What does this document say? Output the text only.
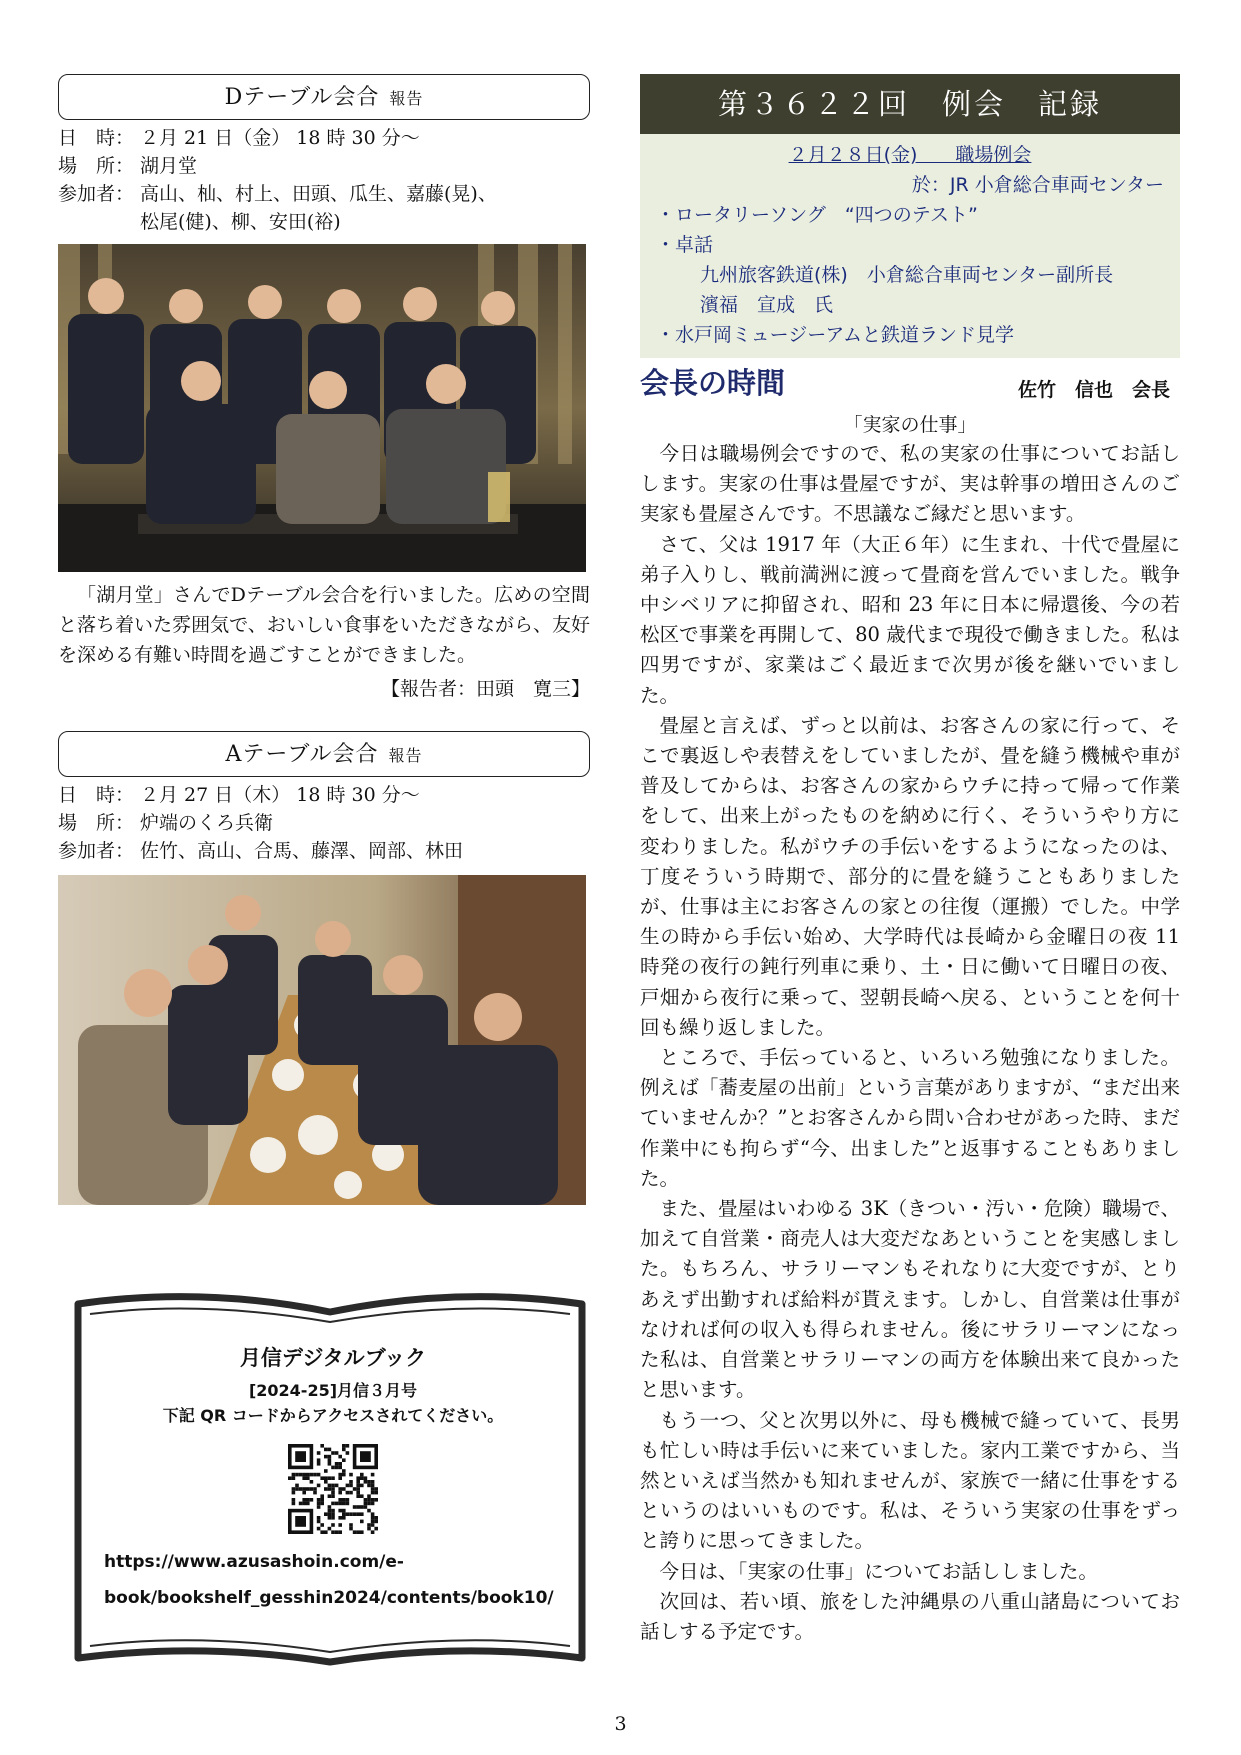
Dテーブル会合 報告
日　時： ２月 21 日（金） 18 時 30 分～
場　所： 湖月堂
参加者： 高山、杣、村上、田頭、瓜生、嘉藤(晃)、
松尾(健)、柳、安田(裕)

「湖月堂」さんでDテーブル会合を行いました。広めの空間と落ち着いた雰囲気で、おいしい食事をいただきながら、友好を深める有難い時間を過ごすことができました。

【報告者：田頭　寛三】
Aテーブル会合 報告
日　時： ２月 27 日（木） 18 時 30 分～
場　所： 炉端のくろ兵衛
参加者： 佐竹、高山、合馬、藤澤、岡部、林田
月信デジタルブック
[2024-25]月信３月号
下記 QR コードからアクセスされてください。
https://www.azusashoin.com/e-
book/bookshelf_gesshin2024/contents/book10/
第３６２２回　例会　記録
２月２８日(金)　　職場例会
於：JR 小倉総合車両センター
・ロータリーソング　“四つのテスト”
・卓話
九州旅客鉄道(株)　小倉総合車両センター副所長
濱福　宣成　氏
・水戸岡ミュージーアムと鉄道ランド見学
会長の時間	佐竹　信也　会長
「実家の仕事」

今日は職場例会ですので、私の実家の仕事についてお話しします。実家の仕事は畳屋ですが、実は幹事の増田さんのご実家も畳屋さんです。不思議なご縁だと思います。

さて、父は 1917 年（大正６年）に生まれ、十代で畳屋に弟子入りし、戦前満洲に渡って畳商を営んでいました。戦争中シベリアに抑留され、昭和 23 年に日本に帰還後、今の若松区で事業を再開して、80 歳代まで現役で働きました。私は四男ですが、家業はごく最近まで次男が後を継いでいました。

畳屋と言えば、ずっと以前は、お客さんの家に行って、そこで裏返しや表替えをしていましたが、畳を縫う機械や車が普及してからは、お客さんの家からウチに持って帰って作業をして、出来上がったものを納めに行く、そういうやり方に変わりました。私がウチの手伝いをするようになったのは、丁度そういう時期で、部分的に畳を縫うこともありましたが、仕事は主にお客さんの家との往復（運搬）でした。中学生の時から手伝い始め、大学時代は長崎から金曜日の夜 11 時発の夜行の鈍行列車に乗り、土・日に働いて日曜日の夜、戸畑から夜行に乗って、翌朝長崎へ戻る、ということを何十回も繰り返しました。

ところで、手伝っていると、いろいろ勉強になりました。例えば「蕎麦屋の出前」という言葉がありますが、“まだ出来ていませんか？”とお客さんから問い合わせがあった時、まだ作業中にも拘らず“今、出ました”と返事することもありました。

また、畳屋はいわゆる 3K（きつい・汚い・危険）職場で、加えて自営業・商売人は大変だなあということを実感しました。もちろん、サラリーマンもそれなりに大変ですが、とりあえず出勤すれば給料が貰えます。しかし、自営業は仕事がなければ何の収入も得られません。後にサラリーマンになった私は、自営業とサラリーマンの両方を体験出来て良かったと思います。

もう一つ、父と次男以外に、母も機械で縫っていて、長男も忙しい時は手伝いに来ていました。家内工業ですから、当然といえば当然かも知れませんが、家族で一緒に仕事をするというのはいいものです。私は、そういう実家の仕事をずっと誇りに思ってきました。

今日は、「実家の仕事」についてお話ししました。

次回は、若い頃、旅をした沖縄県の八重山諸島についてお話しする予定です。

3
